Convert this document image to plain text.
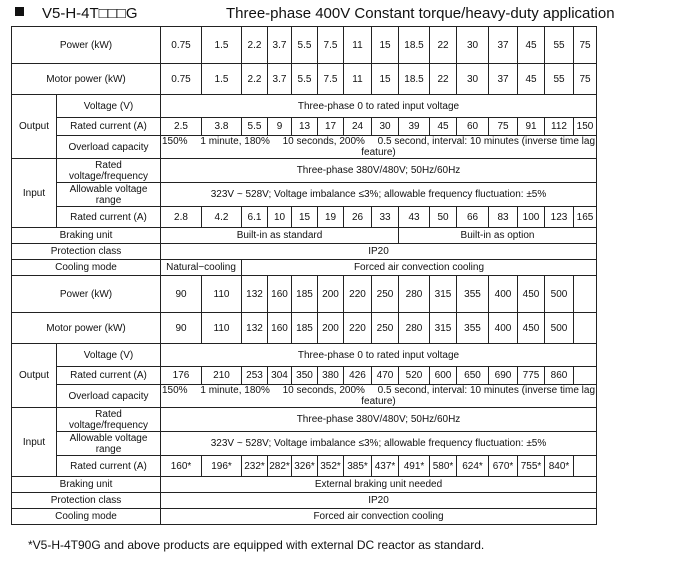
V5‑H‑4T□□□G	Three-phase 400V Constant torque/heavy-duty application
Power (kW)		0.75	1.5	2.2	3.7	5.5	7.5	11	15	18.5	22	30	37	45	55	75
Motor power (kW)		0.75	1.5	2.2	3.7	5.5	7.5	11	15	18.5	22	30	37	45	55	75
Output	Voltage (V)	Three-phase 0 to rated input voltage														
	Rated current (A)	2.5	3.8	5.5	9	13	17	24	30	39	45	60	75	91	112	150
	Overload capacity	150%  1 minute, 180%  10 seconds, 200%  0.5 second, interval: 10 minutes (inverse time lag feature)														
Input	Rated voltage/frequency	Three-phase 380V/480V; 50Hz/60Hz														
	Allowable voltage range	323V ~ 528V; Voltage imbalance ≤3%; allowable frequency fluctuation: ±5%														
	Rated current (A)	2.8	4.2	6.1	10	15	19	26	33	43	50	66	83	100	123	165
Braking unit		Built-in as standard								Built-in as option						
Protection class		IP20														
Cooling mode		Natural−cooling		Forced air convection cooling												
Power (kW)		90	110	132	160	185	200	220	250	280	315	355	400	450	500	
Motor power (kW)		90	110	132	160	185	200	220	250	280	315	355	400	450	500	
Output	Voltage (V)	Three-phase 0 to rated input voltage														
	Rated current (A)	176	210	253	304	350	380	426	470	520	600	650	690	775	860	
	Overload capacity	150%  1 minute, 180%  10 seconds, 200%  0.5 second, interval: 10 minutes (inverse time lag feature)														
Input	Rated voltage/frequency	Three-phase 380V/480V; 50Hz/60Hz														
	Allowable voltage range	323V ~ 528V; Voltage imbalance ≤3%; allowable frequency fluctuation: ±5%														
	Rated current (A)	160*	196*	232*	282*	326*	352*	385*	437*	491*	580*	624*	670*	755*	840*	
Braking unit		External braking unit needed														
Protection class		IP20														
Cooling mode		Forced air convection cooling														
*V5‑H‑4T90G and above products are equipped with external DC reactor as standard.
